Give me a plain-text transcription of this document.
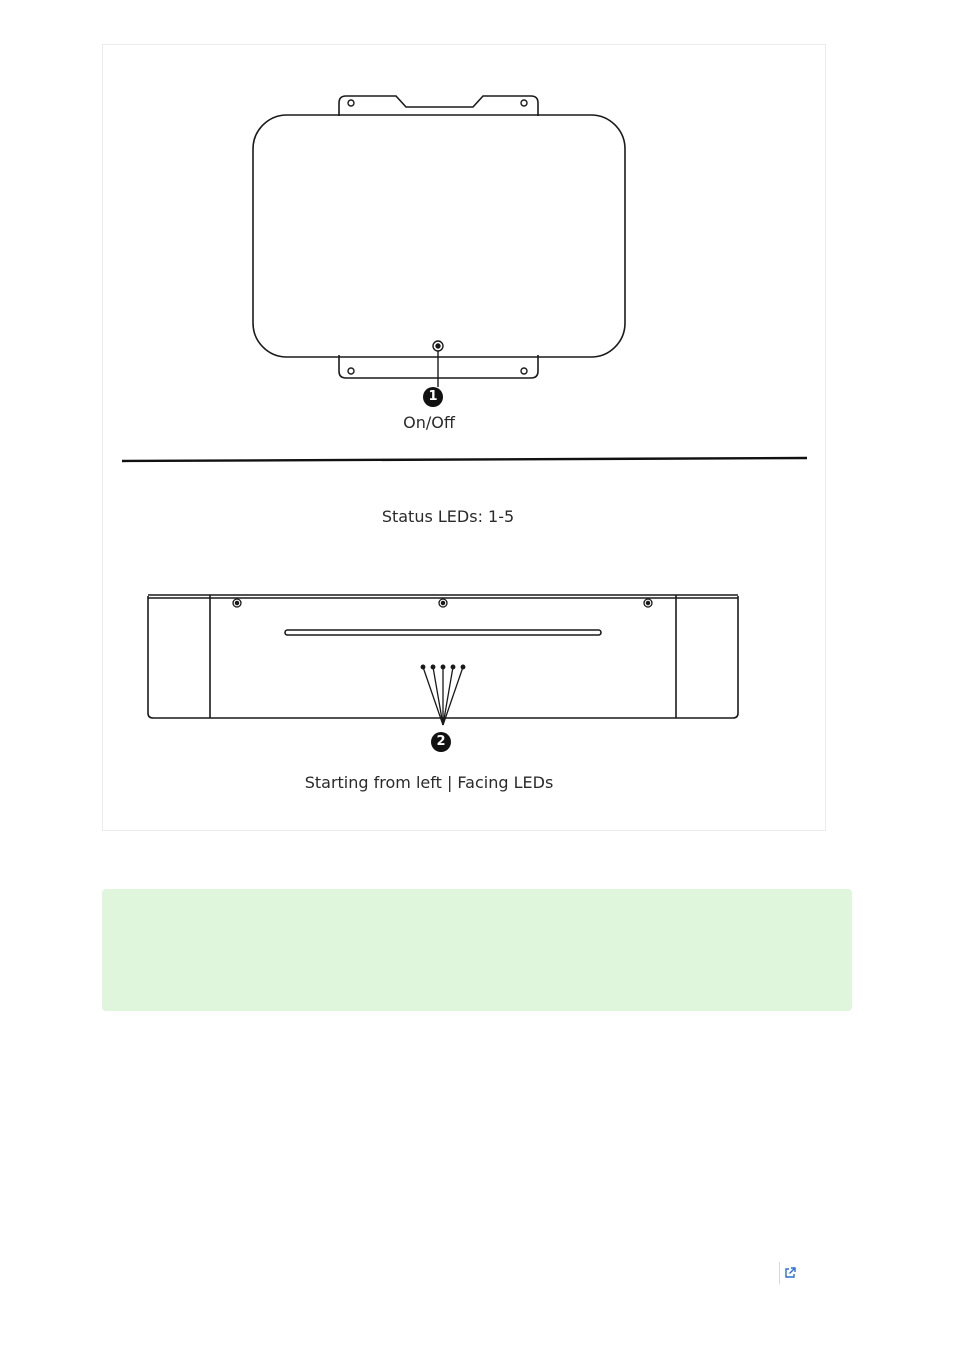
1
On/Off
Status LEDs: 1-5
2
Starting from left | Facing LEDs
